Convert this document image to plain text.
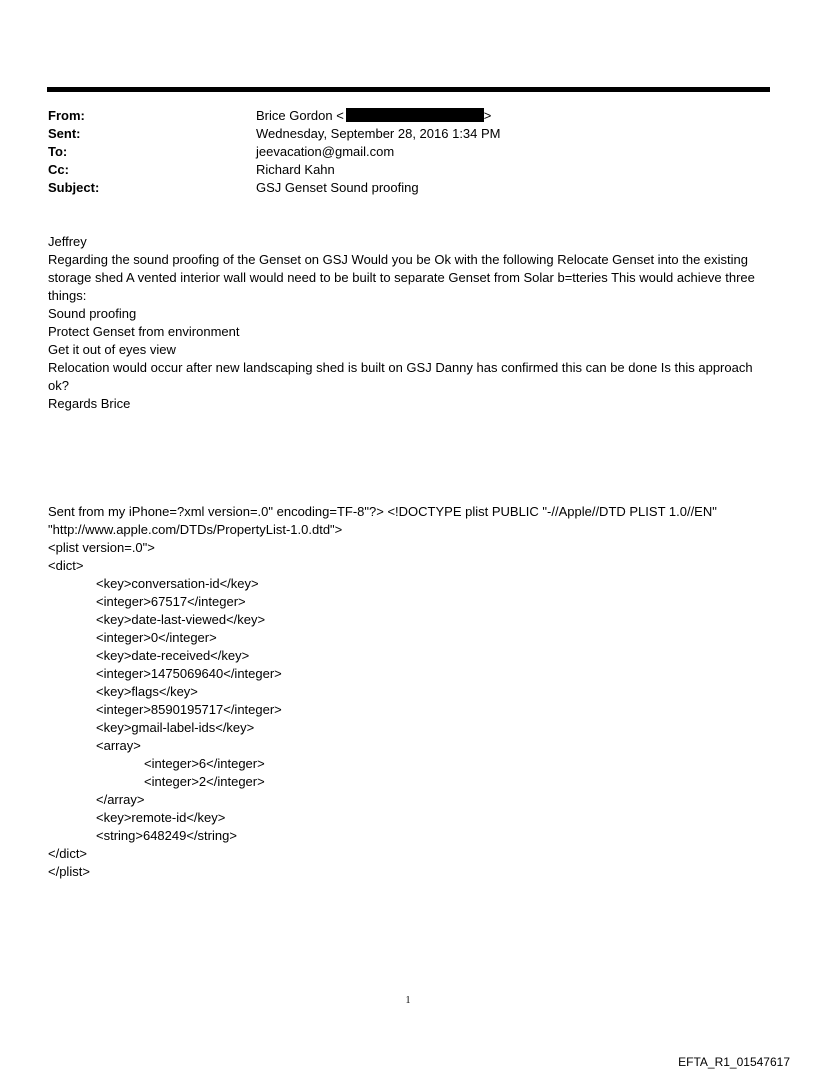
From:	Brice Gordon <	>
Sent:	Wednesday, September 28, 2016 1:34 PM
To:	jeevacation@gmail.com
Cc:	Richard Kahn
Subject:	GSJ Genset Sound proofing

Jeffrey

Regarding the sound proofing of the Genset on GSJ Would you be Ok with the following Relocate Genset into the existing storage shed A vented interior wall would need to be built to separate Genset from Solar b=tteries This would achieve three things:

Sound proofing

Protect Genset from environment

Get it out of eyes view

Relocation would occur after new landscaping shed is built on GSJ Danny has confirmed this can be done Is this approach ok?

Regards Brice

Sent from my iPhone=?xml version=.0" encoding=TF-8"?> <!DOCTYPE plist PUBLIC "-//Apple//DTD PLIST 1.0//EN"
"http://www.apple.com/DTDs/PropertyList-1.0.dtd">
<plist version=.0">
<dict>
<key>conversation-id</key>
<integer>67517</integer>
<key>date-last-viewed</key>
<integer>0</integer>
<key>date-received</key>
<integer>1475069640</integer>
<key>flags</key>
<integer>8590195717</integer>
<key>gmail-label-ids</key>
<array>
<integer>6</integer>
<integer>2</integer>
</array>
<key>remote-id</key>
<string>648249</string>
</dict>
</plist>
1
EFTA_R1_01547617
